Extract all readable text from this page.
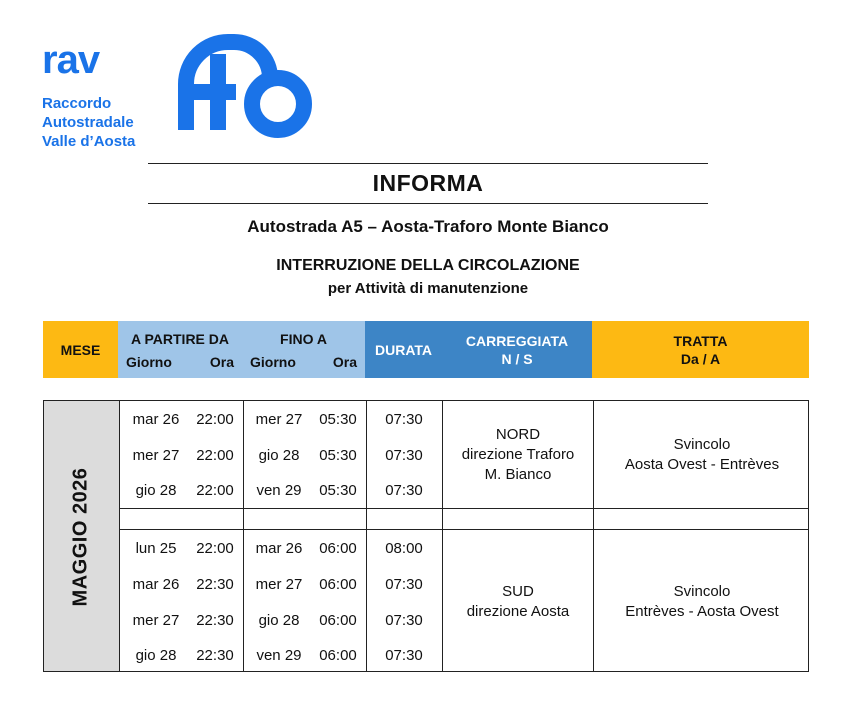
rav
Raccordo
Autostradale
Valle d’Aosta
INFORMA
Autostrada A5 – Aosta-Traforo Monte Bianco
INTERRUZIONE DELLA CIRCOLAZIONE
per Attività di manutenzione
MESE
A PARTIRE DA
Giorno	Ora
FINO A
Giorno	Ora
DURATA
CARREGGIATA
N / S
TRATTA
Da / A
MAGGIO 2026
mar 26	22:00	mer 27	05:30	07:30
mer 27	22:00	gio 28	05:30	07:30
gio 28	22:00	ven 29	05:30	07:30
NORD
direzione Traforo
M. Bianco
Svincolo
Aosta Ovest - Entrèves
lun 25	22:00	mar 26	06:00	08:00
mar 26	22:30	mer 27	06:00	07:30
mer 27	22:30	gio 28	06:00	07:30
gio 28	22:30	ven 29	06:00	07:30
SUD
direzione Aosta
Svincolo
Entrèves - Aosta Ovest
